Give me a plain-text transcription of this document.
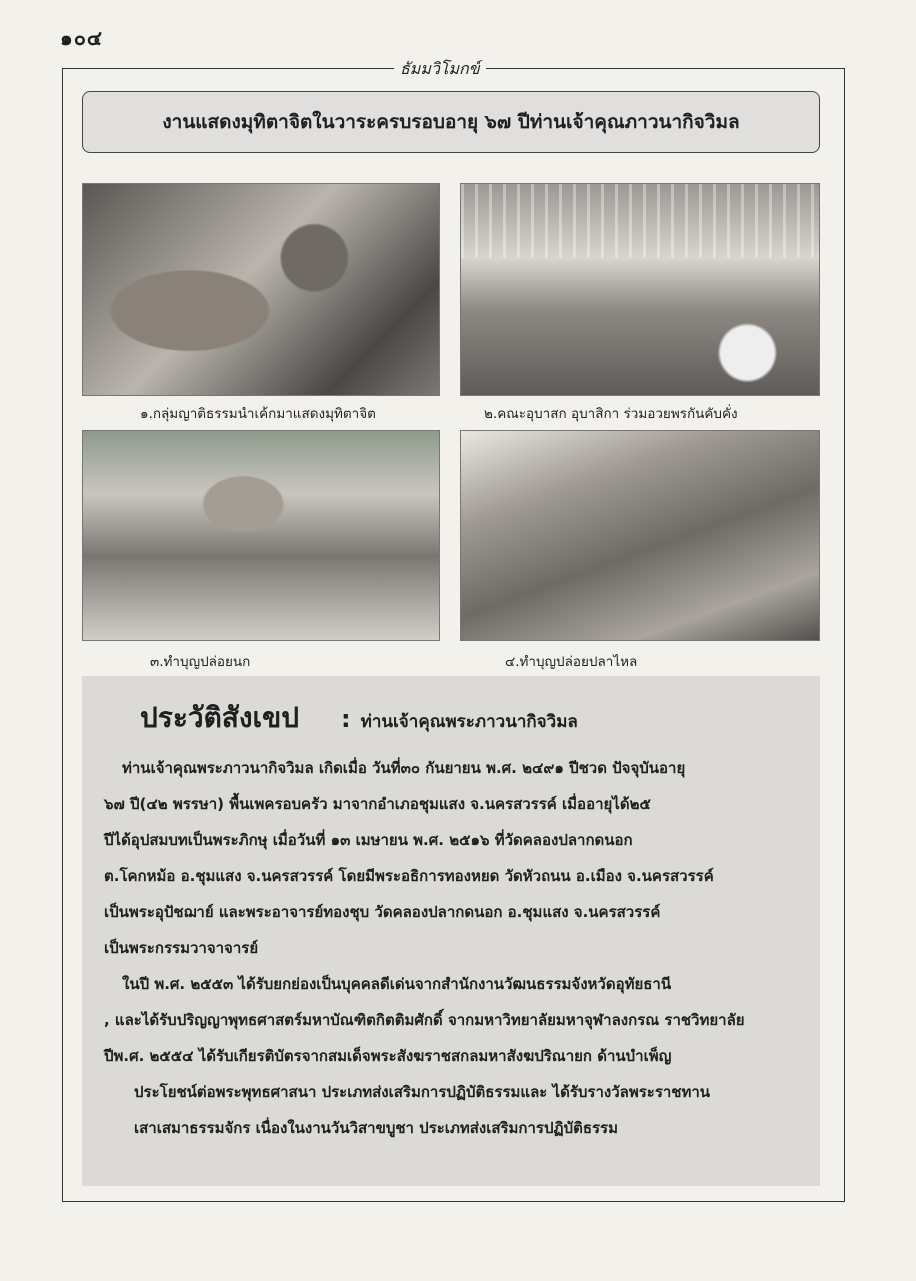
๑๐๔
ธัมมวิโมกข์
งานแสดงมุทิตาจิตในวาระครบรอบอายุ ๖๗ ปีท่านเจ้าคุณภาวนากิจวิมล
๑.กลุ่มญาติธรรมนำเค้กมาแสดงมุทิตาจิต	๒.คณะอุบาสก อุบาสิกา ร่วมอวยพรกันคับคั่ง
๓.ทำบุญปล่อยนก	๔.ทำบุญปล่อยปลาไหล
ประวัติสังเขป : ท่านเจ้าคุณพระภาวนากิจวิมล
ท่านเจ้าคุณพระภาวนากิจวิมล เกิดเมื่อ วันที่๓๐ กันยายน พ.ศ. ๒๔๙๑ ปีชวด ปัจจุบันอายุ
๖๗ ปี(๔๒ พรรษา) พื้นเพครอบครัว มาจากอำเภอชุมแสง จ.นครสวรรค์ เมื่ออายุได้๒๕
ปีได้อุปสมบทเป็นพระภิกษุ เมื่อวันที่ ๑๓ เมษายน พ.ศ. ๒๕๑๖ ที่วัดคลองปลากดนอก
ต.โคกหม้อ อ.ชุมแสง จ.นครสวรรค์ โดยมีพระอธิการทองหยด วัดหัวถนน อ.เมือง จ.นครสวรรค์
เป็นพระอุปัชฌาย์ และพระอาจารย์ทองชุบ วัดคลองปลากดนอก อ.ชุมแสง จ.นครสวรรค์
เป็นพระกรรมวาจาจารย์
ในปี พ.ศ. ๒๕๕๓ ได้รับยกย่องเป็นบุคคลดีเด่นจากสำนักงานวัฒนธรรมจังหวัดอุทัยธานี
, และได้รับปริญญาพุทธศาสตร์มหาบัณฑิตกิตติมศักดิ์ จากมหาวิทยาลัยมหาจุฬาลงกรณ ราชวิทยาลัย
ปีพ.ศ. ๒๕๕๔ ได้รับเกียรติบัตรจากสมเด็จพระสังฆราชสกลมหาสังฆปริณายก ด้านบำเพ็ญ
ประโยชน์ต่อพระพุทธศาสนา ประเภทส่งเสริมการปฏิบัติธรรมและ ได้รับรางวัลพระราชทาน
เสาเสมาธรรมจักร เนื่องในงานวันวิสาขบูชา ประเภทส่งเสริมการปฏิบัติธรรม
